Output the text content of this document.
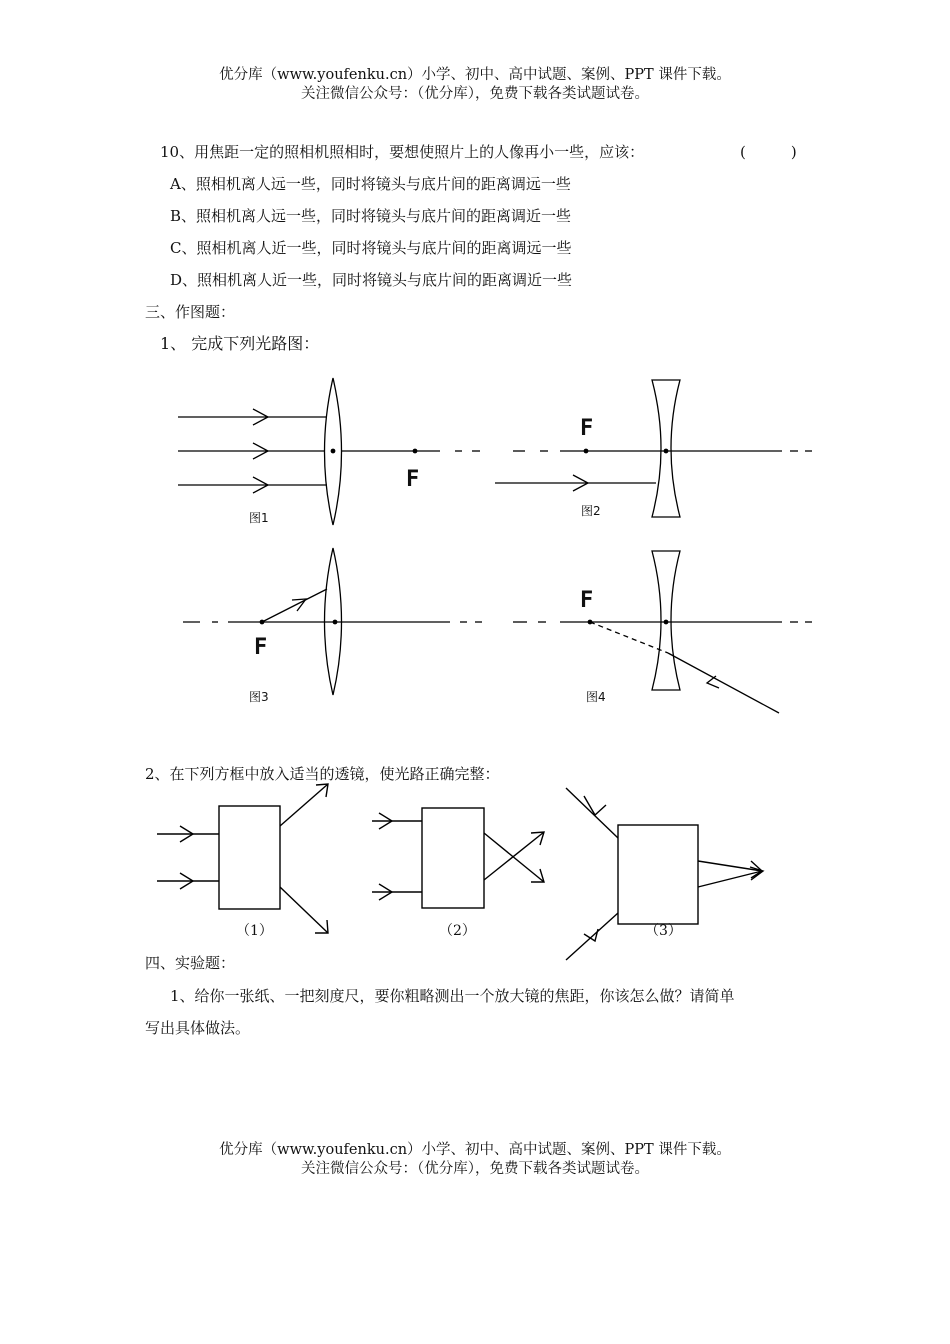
优分库（www.youfenku.cn）小学、初中、高中试题、案例、PPT 课件下载。
关注微信公众号：（优分库），免费下载各类试题试卷。
10、用焦距一定的照相机照相时，要想使照片上的人像再小一些，应该：	(　　　)
A、照相机离人远一些，同时将镜头与底片间的距离调远一些
B、照相机离人远一些，同时将镜头与底片间的距离调近一些
C、照相机离人近一些，同时将镜头与底片间的距离调远一些
D、照相机离人近一些，同时将镜头与底片间的距离调近一些
三、作图题：
1、 完成下列光路图：
F
F
F
F
图1	图2
图3	图4
2、在下列方框中放入适当的透镜，使光路正确完整：
（1）	（2）	（3）
四、实验题：
1、给你一张纸、一把刻度尺，要你粗略测出一个放大镜的焦距，你该怎么做？请简单
写出具体做法。
优分库（www.youfenku.cn）小学、初中、高中试题、案例、PPT 课件下载。
关注微信公众号：（优分库），免费下载各类试题试卷。
